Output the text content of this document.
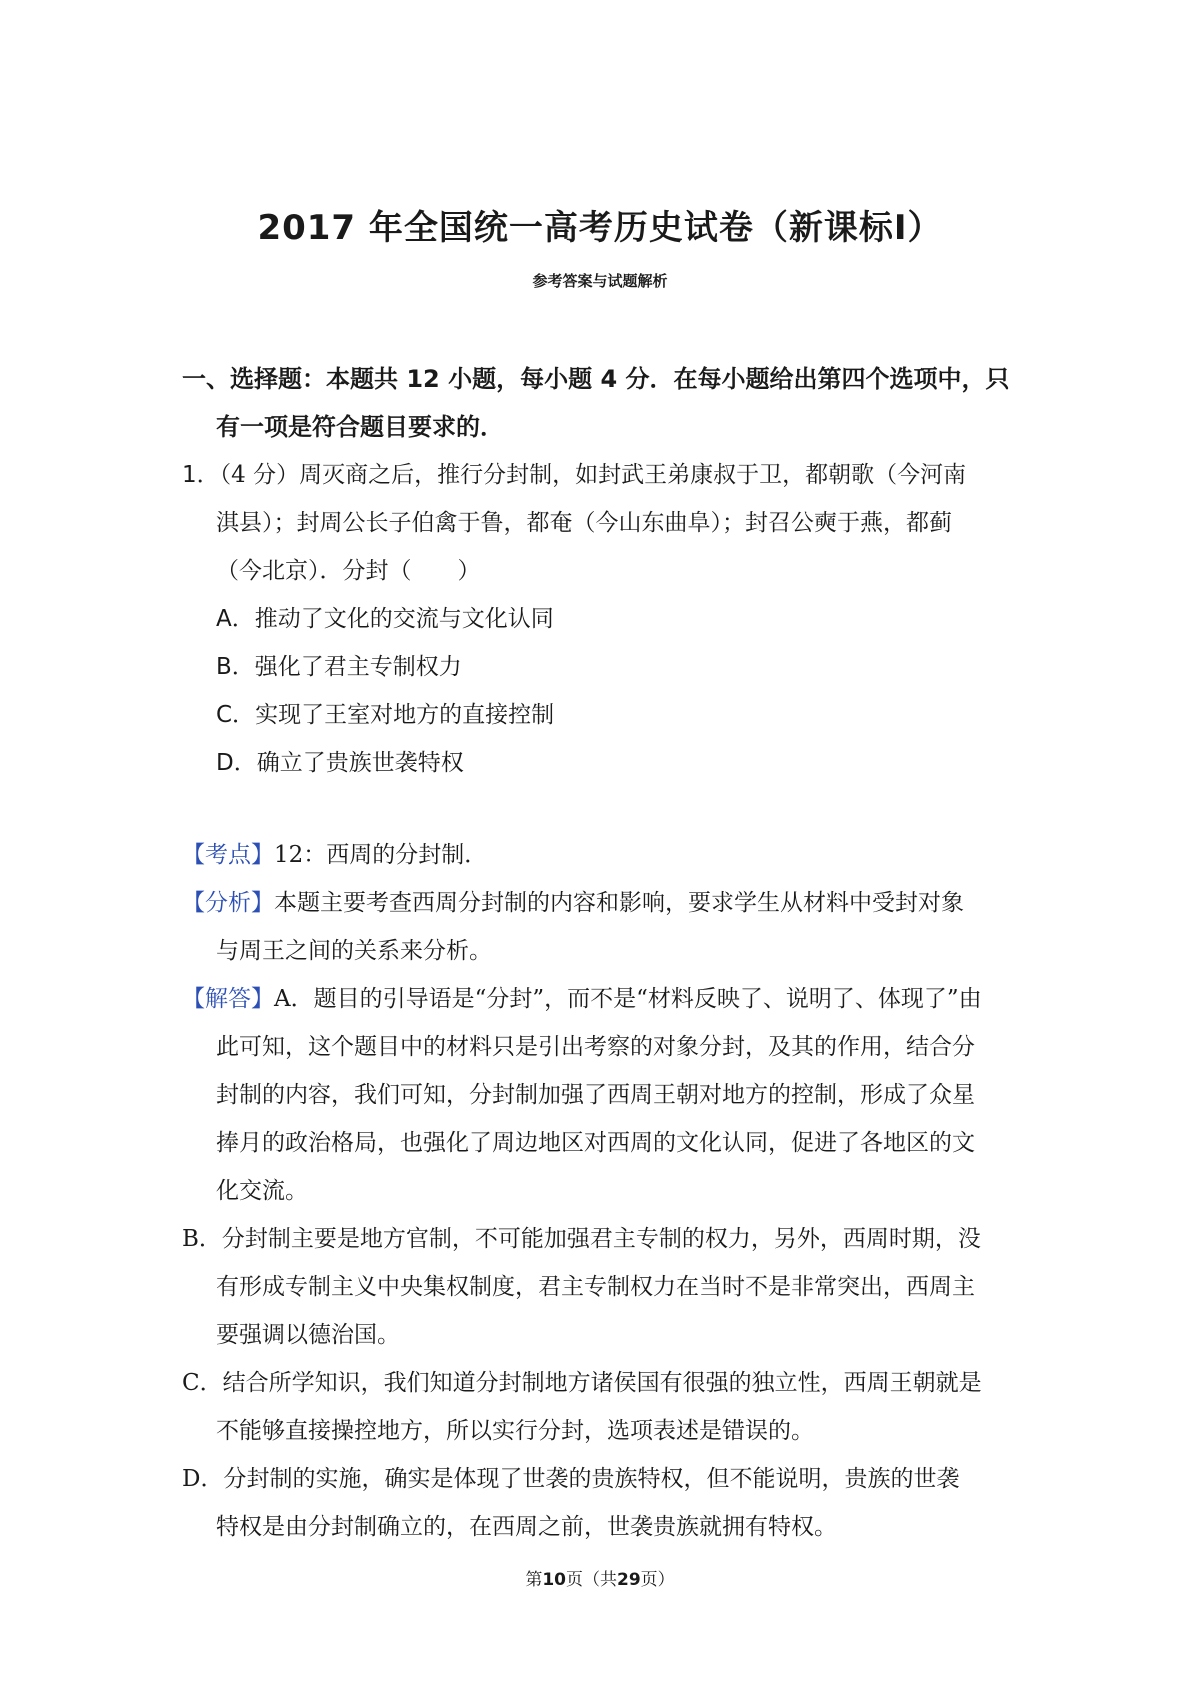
2017 年全国统一高考历史试卷（新课标Ⅰ）
参考答案与试题解析
一、选择题：本题共 12 小题，每小题 4 分．在每小题给出第四个选项中，只
有一项是符合题目要求的．
1．（4 分）周灭商之后，推行分封制，如封武王弟康叔于卫，都朝歌（今河南
淇县）；封周公长子伯禽于鲁，都奄（今山东曲阜）；封召公奭于燕，都蓟
（今北京）．分封（　　）
A．推动了文化的交流与文化认同
B．强化了君主专制权力
C．实现了王室对地方的直接控制
D．确立了贵族世袭特权
【考点】12：西周的分封制．
【分析】本题主要考查西周分封制的内容和影响，要求学生从材料中受封对象
与周王之间的关系来分析。
【解答】A．题目的引导语是“分封”，而不是“材料反映了、说明了、体现了”由
此可知，这个题目中的材料只是引出考察的对象分封，及其的作用，结合分
封制的内容，我们可知，分封制加强了西周王朝对地方的控制，形成了众星
捧月的政治格局，也强化了周边地区对西周的文化认同，促进了各地区的文
化交流。
B．分封制主要是地方官制，不可能加强君主专制的权力，另外，西周时期，没
有形成专制主义中央集权制度，君主专制权力在当时不是非常突出，西周主
要强调以德治国。
C．结合所学知识，我们知道分封制地方诸侯国有很强的独立性，西周王朝就是
不能够直接操控地方，所以实行分封，选项表述是错误的。
D．分封制的实施，确实是体现了世袭的贵族特权，但不能说明，贵族的世袭
特权是由分封制确立的，在西周之前，世袭贵族就拥有特权。
第10页（共29页）
